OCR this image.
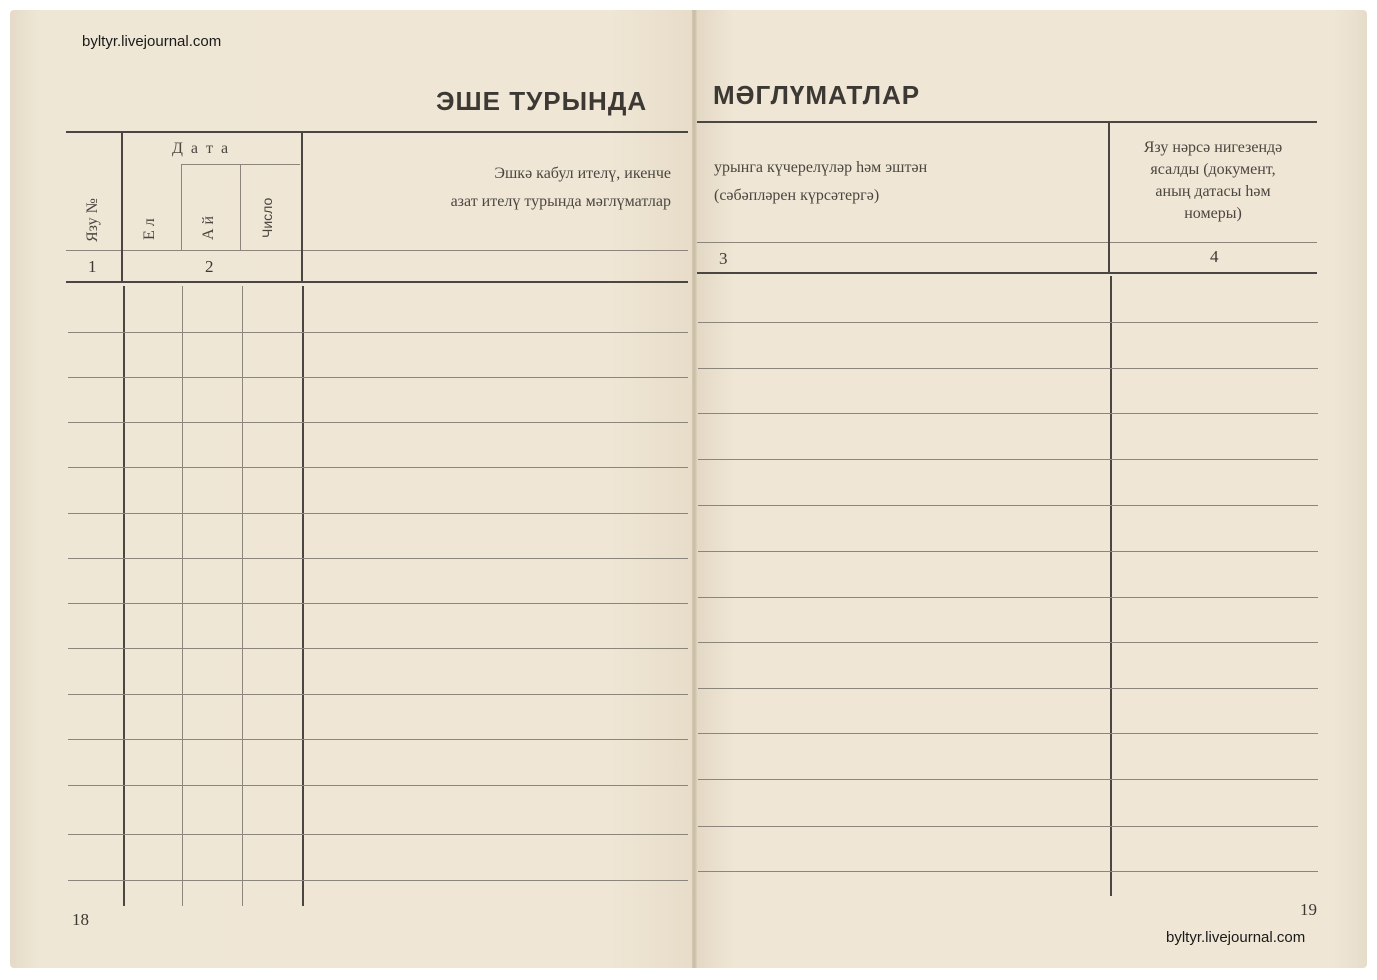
byltyr.livejournal.com
byltyr.livejournal.com
ЭШЕ ТУРЫНДА
Язу №
Д а т а
Е л	А й	Число
Эшкә кабул ителү, икенче
азат ителү турында мәглүматлар
1	2
18
МӘГЛҮМАТЛАР
урынга күчерелүләр һәм эштән
(сәбәпләрен күрсәтергә)
Язу нәрсә нигезендә
ясалды (документ,
аның датасы һәм
номеры)
3	4
19
